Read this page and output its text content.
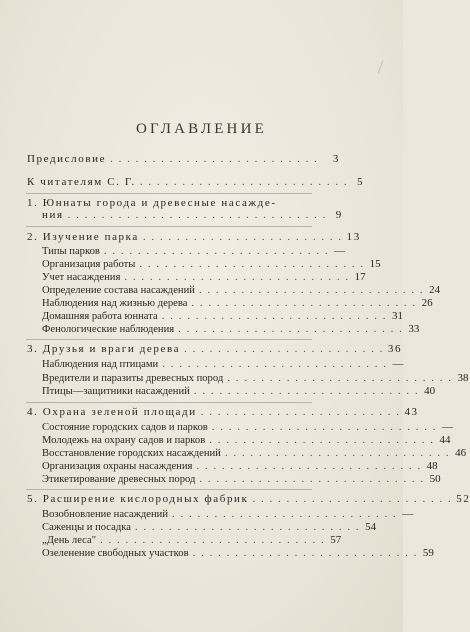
ОГЛАВЛЕНИЕ
Предисловие . . . . . . . . . . . . . . . . . . . . . . . . .	3
К читателям С. Г. . . . . . . . . . . . . . . . . . . . . . . . . . 5
1. Юннаты города и древесные насажде-
ния . . . . . . . . . . . . . . . . . . . . . . . . . . . . . . . 9
2. Изучение парка . . . . . . . . . . . . . . . . . . . . . . . . 13
Типы парков . . . . . . . . . . . . . . . . . . . . . . . . . . . —
Организация работы . . . . . . . . . . . . . . . . . . . . . . . . . . . 15
Учет насаждения . . . . . . . . . . . . . . . . . . . . . . . . . . . 17
Определение состава насаждений . . . . . . . . . . . . . . . . . . . . . . . . . . . 24
Наблюдения над жизнью дерева . . . . . . . . . . . . . . . . . . . . . . . . . . . 26
Домашняя работа юнната . . . . . . . . . . . . . . . . . . . . . . . . . . . 31
Фенологические наблюдения . . . . . . . . . . . . . . . . . . . . . . . . . . . 33
3. Друзья и враги дерева . . . . . . . . . . . . . . . . . . . . . . . . 36
Наблюдения над птицами . . . . . . . . . . . . . . . . . . . . . . . . . . . —
Вредители и паразиты древесных пород . . . . . . . . . . . . . . . . . . . . . . . . . . . 38
Птицы—защитники насаждений . . . . . . . . . . . . . . . . . . . . . . . . . . . 40
4. Охрана зеленой площади . . . . . . . . . . . . . . . . . . . . . . . . 43
Состояние городских садов и парков . . . . . . . . . . . . . . . . . . . . . . . . . . . —
Молодежь на охрану садов и парков . . . . . . . . . . . . . . . . . . . . . . . . . . . 44
Восстановление городских насаждений . . . . . . . . . . . . . . . . . . . . . . . . . . . 46
Организация охраны насаждения . . . . . . . . . . . . . . . . . . . . . . . . . . . 48
Этикетирование древесных пород . . . . . . . . . . . . . . . . . . . . . . . . . . . 50
5. Расширение кислородных фабрик . . . . . . . . . . . . . . . . . . . . . . . . 52
Возобновление насаждений . . . . . . . . . . . . . . . . . . . . . . . . . . . —
Саженцы и посадка . . . . . . . . . . . . . . . . . . . . . . . . . . . 54
„День леса" . . . . . . . . . . . . . . . . . . . . . . . . . . . 57
Озеленение свободных участков . . . . . . . . . . . . . . . . . . . . . . . . . . . 59
